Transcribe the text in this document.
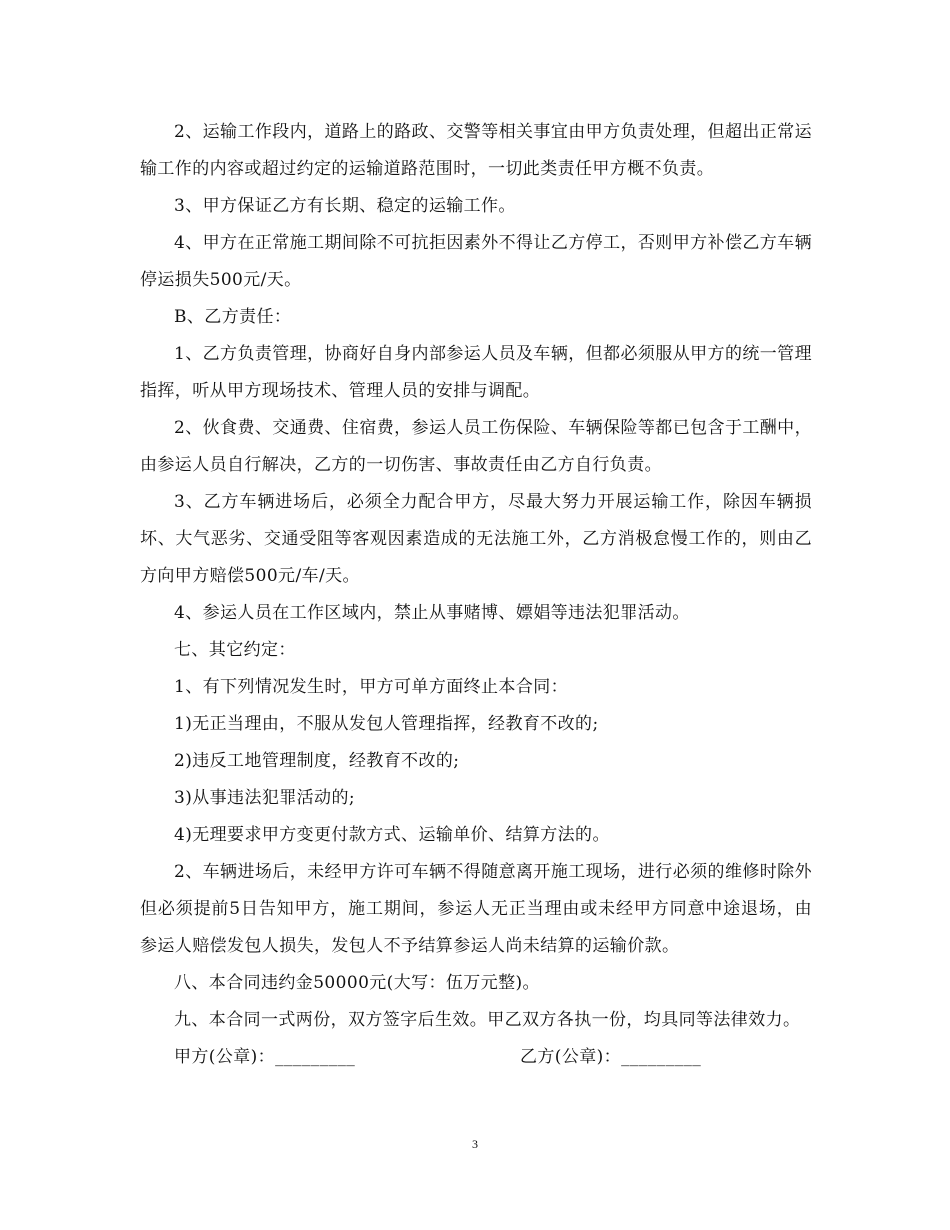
2、运输工作段内，道路上的路政、交警等相关事宜由甲方负责处理，但超出正常运输工作的内容或超过约定的运输道路范围时，一切此类责任甲方概不负责。

3、甲方保证乙方有长期、稳定的运输工作。

4、甲方在正常施工期间除不可抗拒因素外不得让乙方停工，否则甲方补偿乙方车辆停运损失500元/天。

B、乙方责任：

1、乙方负责管理，协商好自身内部参运人员及车辆，但都必须服从甲方的统一管理指挥，听从甲方现场技术、管理人员的安排与调配。

2、伙食费、交通费、住宿费，参运人员工伤保险、车辆保险等都已包含于工酬中，由参运人员自行解决，乙方的一切伤害、事故责任由乙方自行负责。

3、乙方车辆进场后，必须全力配合甲方，尽最大努力开展运输工作，除因车辆损坏、大气恶劣、交通受阻等客观因素造成的无法施工外，乙方消极怠慢工作的，则由乙方向甲方赔偿500元/车/天。

4、参运人员在工作区域内，禁止从事赌博、嫖娼等违法犯罪活动。

七、其它约定：

1、有下列情况发生时，甲方可单方面终止本合同：

1)无正当理由，不服从发包人管理指挥，经教育不改的;

2)违反工地管理制度，经教育不改的;

3)从事违法犯罪活动的;

4)无理要求甲方变更付款方式、运输单价、结算方法的。

2、车辆进场后，未经甲方许可车辆不得随意离开施工现场，进行必须的维修时除外但必须提前5日告知甲方，施工期间，参运人无正当理由或未经甲方同意中途退场，由参运人赔偿发包人损失，发包人不予结算参运人尚未结算的运输价款。

八、本合同违约金50000元(大写：伍万元整)。

九、本合同一式两份，双方签字后生效。甲乙双方各执一份，均具同等法律效力。

甲方(公章)：_________	乙方(公章)：_________
3
